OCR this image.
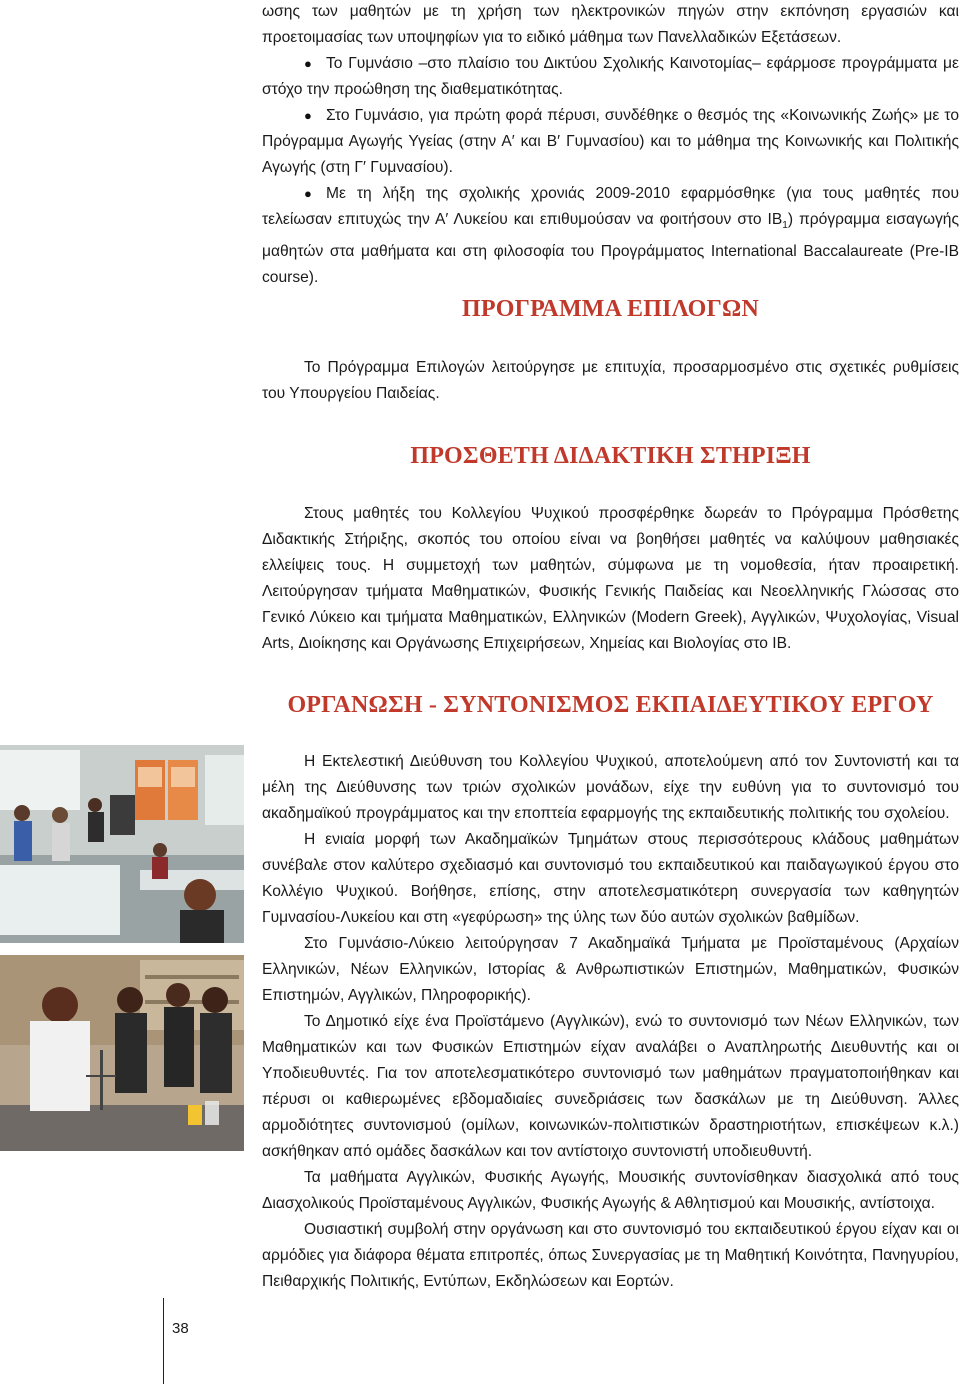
ωσης των μαθητών με τη χρήση των ηλεκτρονικών πηγών στην εκπόνηση εργασιών και προετοιμασίας των υποψηφίων για το ειδικό μάθημα των Πανελλαδικών Εξετάσεων.

● Το Γυμνάσιο –στο πλαίσιο του Δικτύου Σχολικής Καινοτομίας– εφάρμοσε προγράμματα με στόχο την προώθηση της διαθεματικότητας.

● Στο Γυμνάσιο, για πρώτη φορά πέρυσι, συνδέθηκε ο θεσμός της «Κοινωνικής Ζωής» με το Πρόγραμμα Αγωγής Υγείας (στην Α′ και Β′ Γυμνασίου) και το μάθημα της Κοινωνικής και Πολιτικής Αγωγής (στη Γ′ Γυμνασίου).

● Με τη λήξη της σχολικής χρονιάς 2009-2010 εφαρμόσθηκε (για τους μαθητές που τελείωσαν επιτυχώς την Α′ Λυκείου και επιθυμούσαν να φοιτήσουν στο $IB_1$) πρόγραμμα εισαγωγής μαθητών στα μαθήματα και στη φιλοσοφία του Προγράμματος International Baccalaureate (Pre-IB course).

ΠΡΟΓΡΑΜΜΑ ΕΠΙΛΟΓΩΝ

Το Πρόγραμμα Επιλογών λειτούργησε με επιτυχία, προσαρμοσμένο στις σχετικές ρυθμίσεις του Υπουργείου Παιδείας.

ΠΡΟΣΘΕΤΗ ΔΙΔΑΚΤΙΚΗ ΣΤΗΡΙΞΗ

Στους μαθητές του Κολλεγίου Ψυχικού προσφέρθηκε δωρεάν το Πρόγραμμα Πρόσθετης Διδακτικής Στήριξης, σκοπός του οποίου είναι να βοηθήσει μαθητές να καλύψουν μαθησιακές ελλείψεις τους. Η συμμετοχή των μαθητών, σύμφωνα με τη νομοθεσία, ήταν προαιρετική. Λειτούργησαν τμήματα Μαθηματικών, Φυσικής Γενικής Παιδείας και Νεοελληνικής Γλώσσας στο Γενικό Λύκειο και τμήματα Μαθηματικών, Ελληνικών (Modern Greek), Αγγλικών, Ψυχολογίας, Visual Arts, Διοίκησης και Οργάνωσης Επιχειρήσεων, Χημείας και Βιολογίας στο IB.

ΟΡΓΑΝΩΣΗ - ΣΥΝΤΟΝΙΣΜΟΣ ΕΚΠΑΙΔΕΥΤΙΚΟΥ ΕΡΓΟΥ

Η Εκτελεστική Διεύθυνση του Κολλεγίου Ψυχικού, αποτελούμενη από τον Συντονιστή και τα μέλη της Διεύθυνσης των τριών σχολικών μονάδων, είχε την ευθύνη για το συντονισμό του ακαδημαϊκού προγράμματος και την εποπτεία εφαρμογής της εκπαιδευτικής πολιτικής του σχολείου.

Η ενιαία μορφή των Ακαδημαϊκών Τμημάτων στους περισσότερους κλάδους μαθημάτων συνέβαλε στον καλύτερο σχεδιασμό και συντονισμό του εκπαιδευτικού και παιδαγωγικού έργου στο Κολλέγιο Ψυχικού. Βοήθησε, επίσης, στην αποτελεσματικότερη συνεργασία των καθηγητών Γυμνασίου-Λυκείου και στη «γεφύρωση» της ύλης των δύο αυτών σχολικών βαθμίδων.

Στο Γυμνάσιο-Λύκειο λειτούργησαν 7 Ακαδημαϊκά Τμήματα με Προϊσταμένους (Αρχαίων Ελληνικών, Νέων Ελληνικών, Ιστορίας & Ανθρωπιστικών Επιστημών, Μαθηματικών, Φυσικών Επιστημών, Αγγλικών, Πληροφορικής).

Το Δημοτικό είχε ένα Προϊστάμενο (Αγγλικών), ενώ το συντονισμό των Νέων Ελληνικών, των Μαθηματικών και των Φυσικών Επιστημών είχαν αναλάβει ο Αναπληρωτής Διευθυντής και οι Υποδιευθυντές. Για τον αποτελεσματικότερο συντονισμό των μαθημάτων πραγματοποιήθηκαν και πέρυσι οι καθιερωμένες εβδομαδιαίες συνεδριάσεις των δασκάλων με τη Διεύθυνση. Άλλες αρμοδιότητες συντονισμού (ομίλων, κοινωνικών-πολιτιστικών δραστηριοτήτων, επισκέψεων κ.λ.) ασκήθηκαν από ομάδες δασκάλων και τον αντίστοιχο συντονιστή υποδιευθυντή.

Τα μαθήματα Αγγλικών, Φυσικής Αγωγής, Μουσικής συντονίσθηκαν διασχολικά από τους Διασχολικούς Προϊσταμένους Αγγλικών, Φυσικής Αγωγής & Αθλητισμού και Μουσικής, αντίστοιχα.

Ουσιαστική συμβολή στην οργάνωση και στο συντονισμό του εκπαιδευτικού έργου είχαν και οι αρμόδιες για διάφορα θέματα επιτροπές, όπως Συνεργασίας με τη Μαθητική Κοινότητα, Πανηγυρίου, Πειθαρχικής Πολιτικής, Εντύπων, Εκδηλώσεων και Εορτών.

38
